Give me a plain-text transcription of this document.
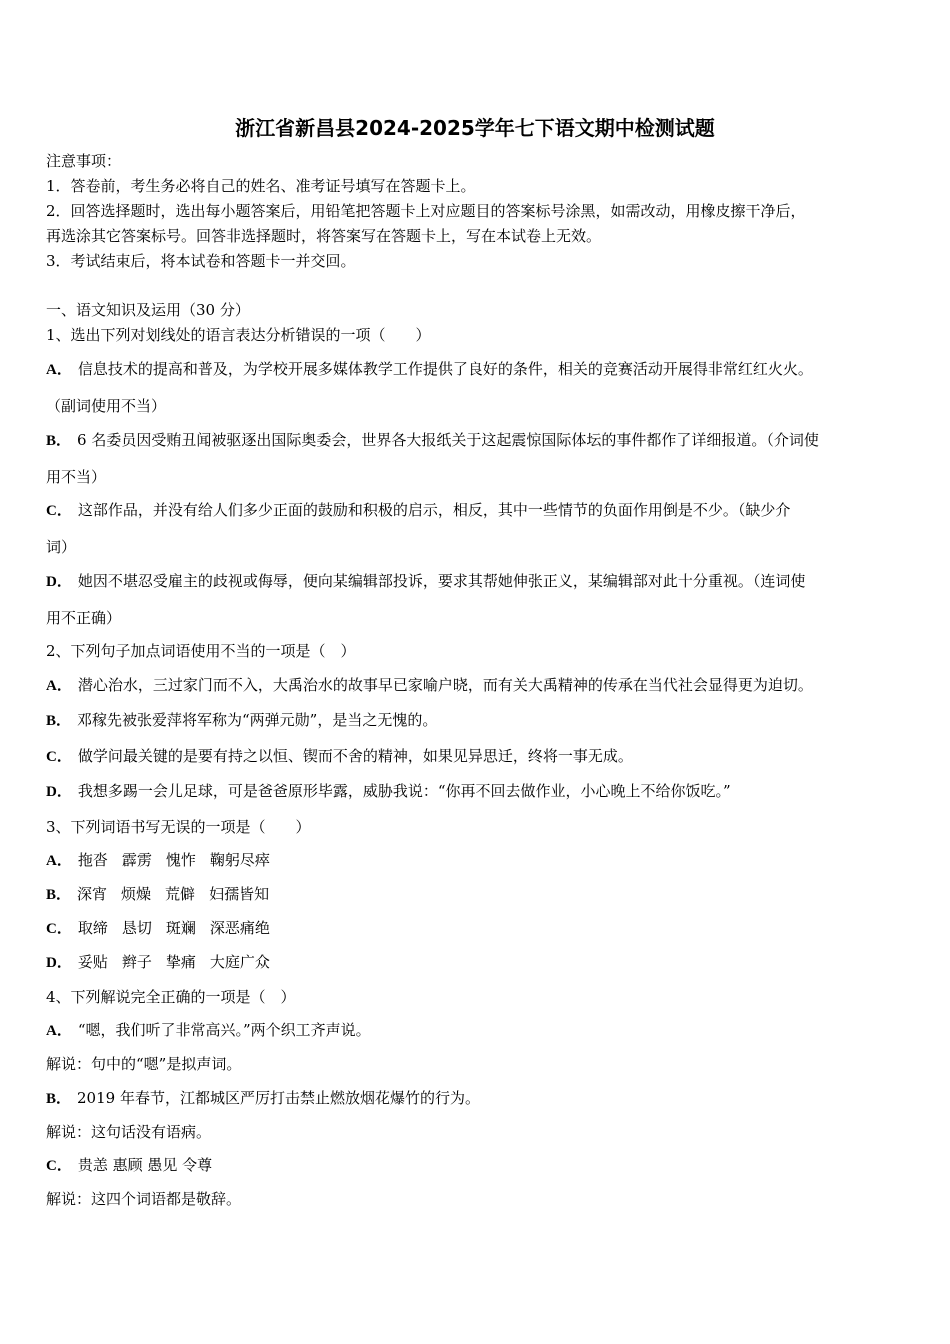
浙江省新昌县2024-2025学年七下语文期中检测试题
注意事项：
1．答卷前，考生务必将自己的姓名、准考证号填写在答题卡上。
2．回答选择题时，选出每小题答案后，用铅笔把答题卡上对应题目的答案标号涂黑，如需改动，用橡皮擦干净后，
再选涂其它答案标号。回答非选择题时，将答案写在答题卡上，写在本试卷上无效。
3．考试结束后，将本试卷和答题卡一并交回。
一、语文知识及运用（30 分）
1、选出下列对划线处的语言表达分析错误的一项（　　）
A． 信息技术的提高和普及，为学校开展多媒体教学工作提供了良好的条件，相关的竞赛活动开展得非常红红火火。
（副词使用不当）
B． 6 名委员因受贿丑闻被驱逐出国际奥委会，世界各大报纸关于这起震惊国际体坛的事件都作了详细报道。（介词使
用不当）
C． 这部作品，并没有给人们多少正面的鼓励和积极的启示，相反，其中一些情节的负面作用倒是不少。（缺少介
词）
D． 她因不堪忍受雇主的歧视或侮辱，便向某编辑部投诉，要求其帮她伸张正义，某编辑部对此十分重视。（连词使
用不正确）
2、下列句子加点词语使用不当的一项是（　）
A． 潜心治水，三过家门而不入，大禹治水的故事早已家喻户晓，而有关大禹精神的传承在当代社会显得更为迫切。
B． 邓稼先被张爱萍将军称为“两弹元勋”，是当之无愧的。
C． 做学问最关键的是要有持之以恒、锲而不舍的精神，如果见异思迁，终将一事无成。
D． 我想多踢一会儿足球，可是爸爸原形毕露，威胁我说：“你再不回去做作业，小心晚上不给你饭吃。”
3、下列词语书写无误的一项是（　　）
A． 拖沓 霹雳 愧怍 鞠躬尽瘁
B． 深宵 烦燥 荒僻 妇孺皆知
C． 取缔 恳切 斑斓 深恶痛绝
D． 妥贴 辫子 挚痛 大庭广众
4、下列解说完全正确的一项是（　）
A． “嗯，我们听了非常高兴。”两个织工齐声说。
解说：句中的“嗯”是拟声词。
B． 2019 年春节，江都城区严厉打击禁止燃放烟花爆竹的行为。
解说：这句话没有语病。
C． 贵恙 惠顾 愚见 令尊
解说：这四个词语都是敬辞。
